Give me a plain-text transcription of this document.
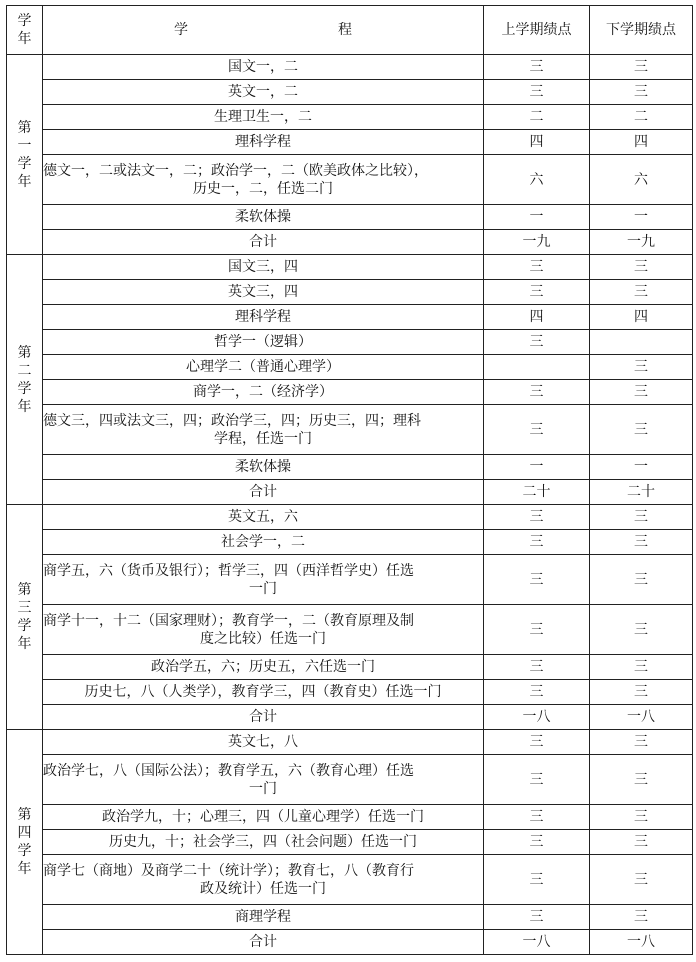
学
年	学 程	上学期绩点	下学期绩点
第
一
学
年	国文一，二	三	三
	英文一，二	三	三
	生理卫生一，二	二	二
	理科学程	四	四

	德文一，二或法文一，二；政治学一，二（欧美政体之比较），
历史一，二，任选二门	六	六
	柔软体操	一	一
	合计	一九	一九
第
二
学
年	国文三，四	三	三
	英文三，四	三	三
	理科学程	四	四
	哲学一（逻辑）	三	
	心理学二（普通心理学）		三
	商学一，二（经济学）	三	三

	德文三，四或法文三，四；政治学三，四；历史三，四；理科
学程，任选一门	三	三
	柔软体操	一	一
	合计	二十	二十
第
三
学
年	英文五，六	三	三
	社会学一，二	三	三

	商学五，六（货币及银行）；哲学三，四（西洋哲学史）任选
一门	三	三

	商学十一，十二（国家理财）；教育学一，二（教育原理及制
度之比较）任选一门	三	三
	政治学五，六；历史五，六任选一门	三	三
	历史七，八（人类学），教育学三，四（教育史）任选一门	三	三
	合计	一八	一八
第
四
学
年	英文七，八	三	三

	政治学七，八（国际公法）；教育学五，六（教育心理）任选
一门	三	三
	政治学九，十；心理三，四（儿童心理学）任选一门	三	三
	历史九，十；社会学三，四（社会问题）任选一门	三	三

	商学七（商地）及商学二十（统计学）；教育七，八（教育行
政及统计）任选一门	三	三
	商理学程	三	三
	合计	一八	一八
